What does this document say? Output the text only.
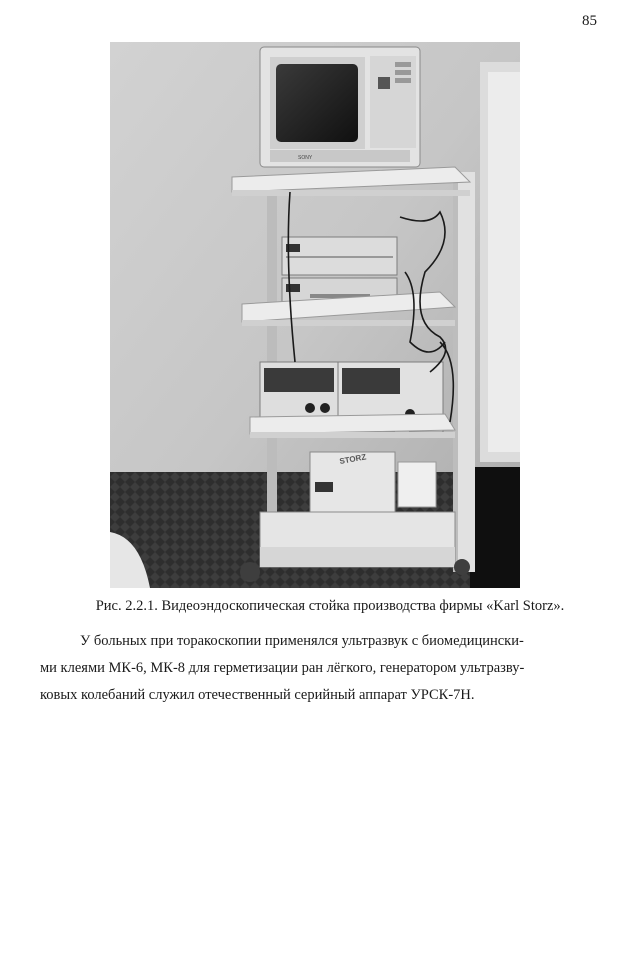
85
SONY
STORZ
Рис. 2.2.1. Видеоэндоскопическая стойка производства фирмы «Karl Storz».
У больных при торакоскопии применялся ультразвук с биомедицински-
ми клеями МК-6, МК-8 для герметизации ран лёгкого, генератором ультразву-
ковых колебаний служил отечественный серийный аппарат УРСК-7Н.
